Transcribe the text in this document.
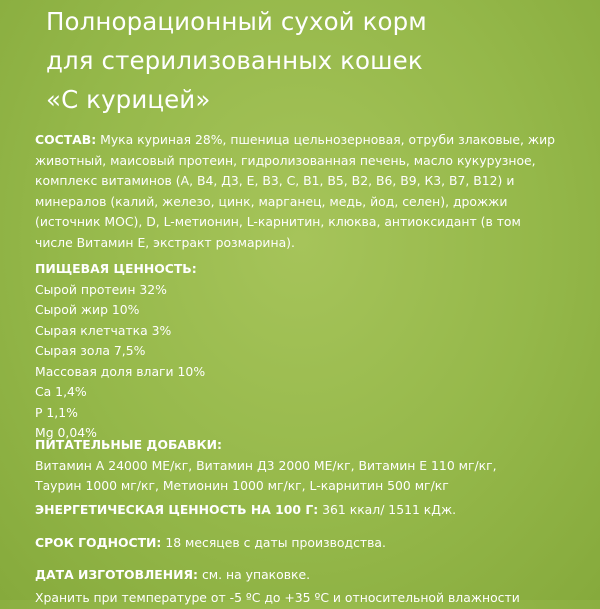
Полнорационный сухой корм
для стерилизованных кошек
«С курицей»
СОСТАВ: Мука куриная 28%, пшеница цельнозерновая, отруби злаковые, жир
животный, маисовый протеин, гидролизованная печень, масло кукурузное,
комплекс витаминов (А, В4, Д3, Е, В3, С, В1, В5, В2, В6, В9, К3, В7, В12) и
минералов (калий, железо, цинк, марганец, медь, йод, селен), дрожжи
(источник МОС), D, L-метионин, L-карнитин, клюква, антиоксидант (в том
числе Витамин Е, экстракт розмарина).
ПИЩЕВАЯ ЦЕННОСТЬ:
Сырой протеин 32%
Сырой жир 10%
Сырая клетчатка 3%
Сырая зола 7,5%
Массовая доля влаги 10%
Ca 1,4%
P 1,1%
Mg 0,04%
ПИТАТЕЛЬНЫЕ ДОБАВКИ:
Витамин А 24000 МЕ/кг, Витамин Д3 2000 МЕ/кг, Витамин Е 110 мг/кг,
Таурин 1000 мг/кг, Метионин 1000 мг/кг, L-карнитин 500 мг/кг
ЭНЕРГЕТИЧЕСКАЯ ЦЕННОСТЬ НА 100 Г: 361 ккал/ 1511 кДж.
СРОК ГОДНОСТИ: 18 месяцев с даты производства.
ДАТА ИЗГОТОВЛЕНИЯ: см. на упаковке.
Хранить при температуре от -5 ºС до +35 ºС и относительной влажности
